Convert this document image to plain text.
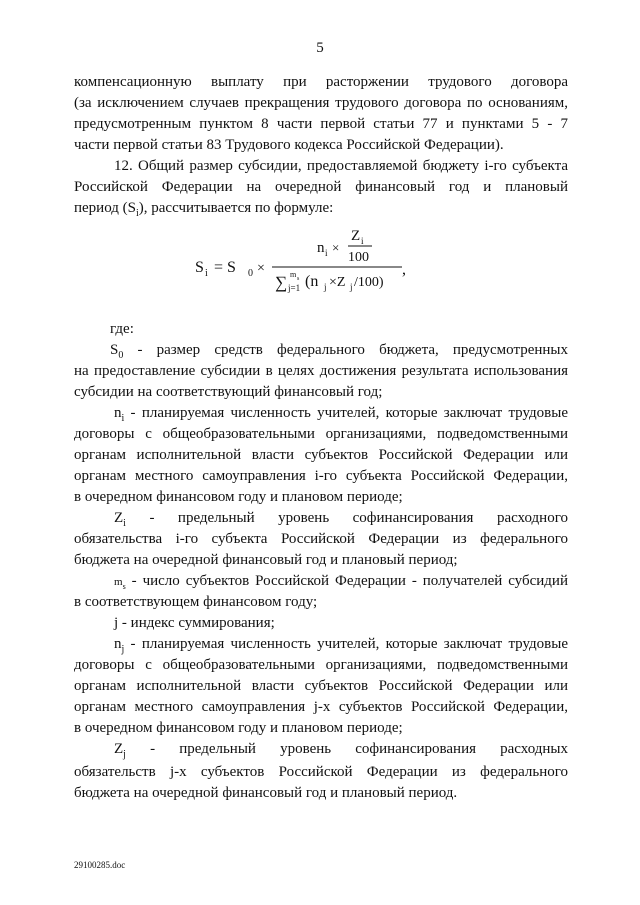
5
компенсационную выплату при расторжении трудового договора
(за исключением случаев прекращения трудового договора по основаниям,
предусмотренным пунктом 8 части первой статьи 77 и пунктами 5 - 7
части первой статьи 83 Трудового кодекса Российской Федерации).
12. Общий размер субсидии, предоставляемой бюджету i-го субъекта
Российской Федерации на очередной финансовый год и плановый
период $(S_i)$, рассчитывается по формуле:
S i = S 0 ×
n i ×
Z i
100
∑ m s
j=1 (n j ×Z j /100)
,
где:
$S_0$ - размер средств федерального бюджета, предусмотренных
на предоставление субсидии в целях достижения результата использования
субсидии на соответствующий финансовый год;
$n_i$ - планируемая численность учителей, которые заключат трудовые
договоры с общеобразовательными организациями, подведомственными
органам исполнительной власти субъектов Российской Федерации или
органам местного самоуправления i-го субъекта Российской Федерации,
в очередном финансовом году и плановом периоде;
$Z_i$ - предельный уровень софинансирования расходного
обязательства i-го субъекта Российской Федерации из федерального
бюджета на очередной финансовый год и плановый период;
$m_s$ - число субъектов Российской Федерации - получателей субсидий
в соответствующем финансовом году;
j - индекс суммирования;
$n_j$ - планируемая численность учителей, которые заключат трудовые
договоры с общеобразовательными организациями, подведомственными
органам исполнительной власти субъектов Российской Федерации или
органам местного самоуправления j-х субъектов Российской Федерации,
в очередном финансовом году и плановом периоде;
$Z_j$ - предельный уровень софинансирования расходных
обязательств j-х субъектов Российской Федерации из федерального
бюджета на очередной финансовый год и плановый период.
29100285.doc
